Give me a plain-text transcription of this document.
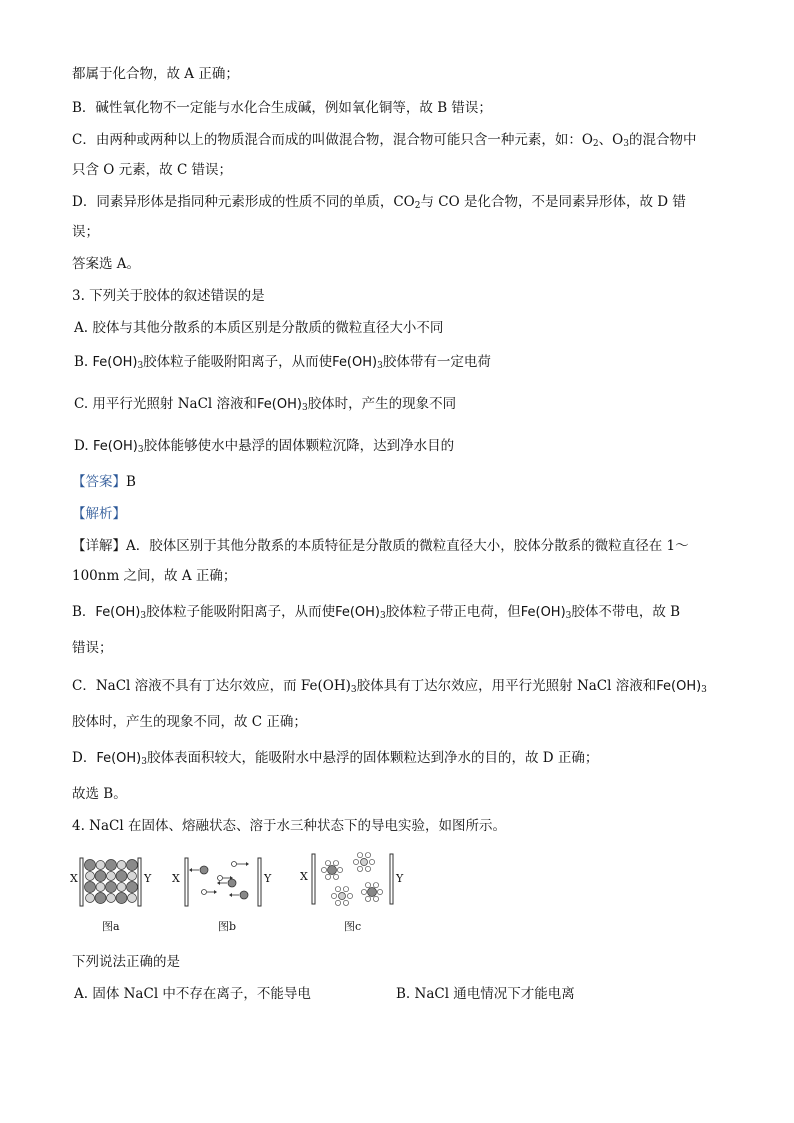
都属于化合物，故 A 正确；
B．碱性氧化物不一定能与水化合生成碱，例如氧化铜等，故 B 错误；
C．由两种或两种以上的物质混合而成的叫做混合物，混合物可能只含一种元素，如：$O_2$、$O_3$的混合物中
只含 O 元素，故 C 错误；
D．同素异形体是指同种元素形成的性质不同的单质，$CO_2$与 CO 是化合物，不是同素异形体，故 D 错
误；
答案选 A。
3. 下列关于胶体的叙述错误的是
A. 胶体与其他分散系的本质区别是分散质的微粒直径大小不同
B. $Fe(OH)_3$胶体粒子能吸附阳离子，从而使$Fe(OH)_3$胶体带有一定电荷
C. 用平行光照射 NaCl 溶液和$Fe(OH)_3$胶体时，产生的现象不同
D. $Fe(OH)_3$胶体能够使水中悬浮的固体颗粒沉降，达到净水目的
【答案】B
【解析】
【详解】A．胶体区别于其他分散系的本质特征是分散质的微粒直径大小，胶体分散系的微粒直径在 1～
100nm 之间，故 A 正确；
B．$Fe(OH)_3$胶体粒子能吸附阳离子，从而使$Fe(OH)_3$胶体粒子带正电荷，但$Fe(OH)_3$胶体不带电，故 B
错误；
C．NaCl 溶液不具有丁达尔效应，而 $Fe(OH)_3$胶体具有丁达尔效应，用平行光照射 NaCl 溶液和$Fe(OH)_3$
胶体时，产生的现象不同，故 C 正确；
D．$Fe(OH)_3$胶体表面积较大，能吸附水中悬浮的固体颗粒达到净水的目的，故 D 正确；
故选 B。
4. NaCl 在固体、熔融状态、溶于水三种状态下的导电实验，如图所示。
X	Y
图a
X	Y
图b
X	Y
图c
下列说法正确的是
A. 固体 NaCl 中不存在离子，不能导电	B. NaCl 通电情况下才能电离
